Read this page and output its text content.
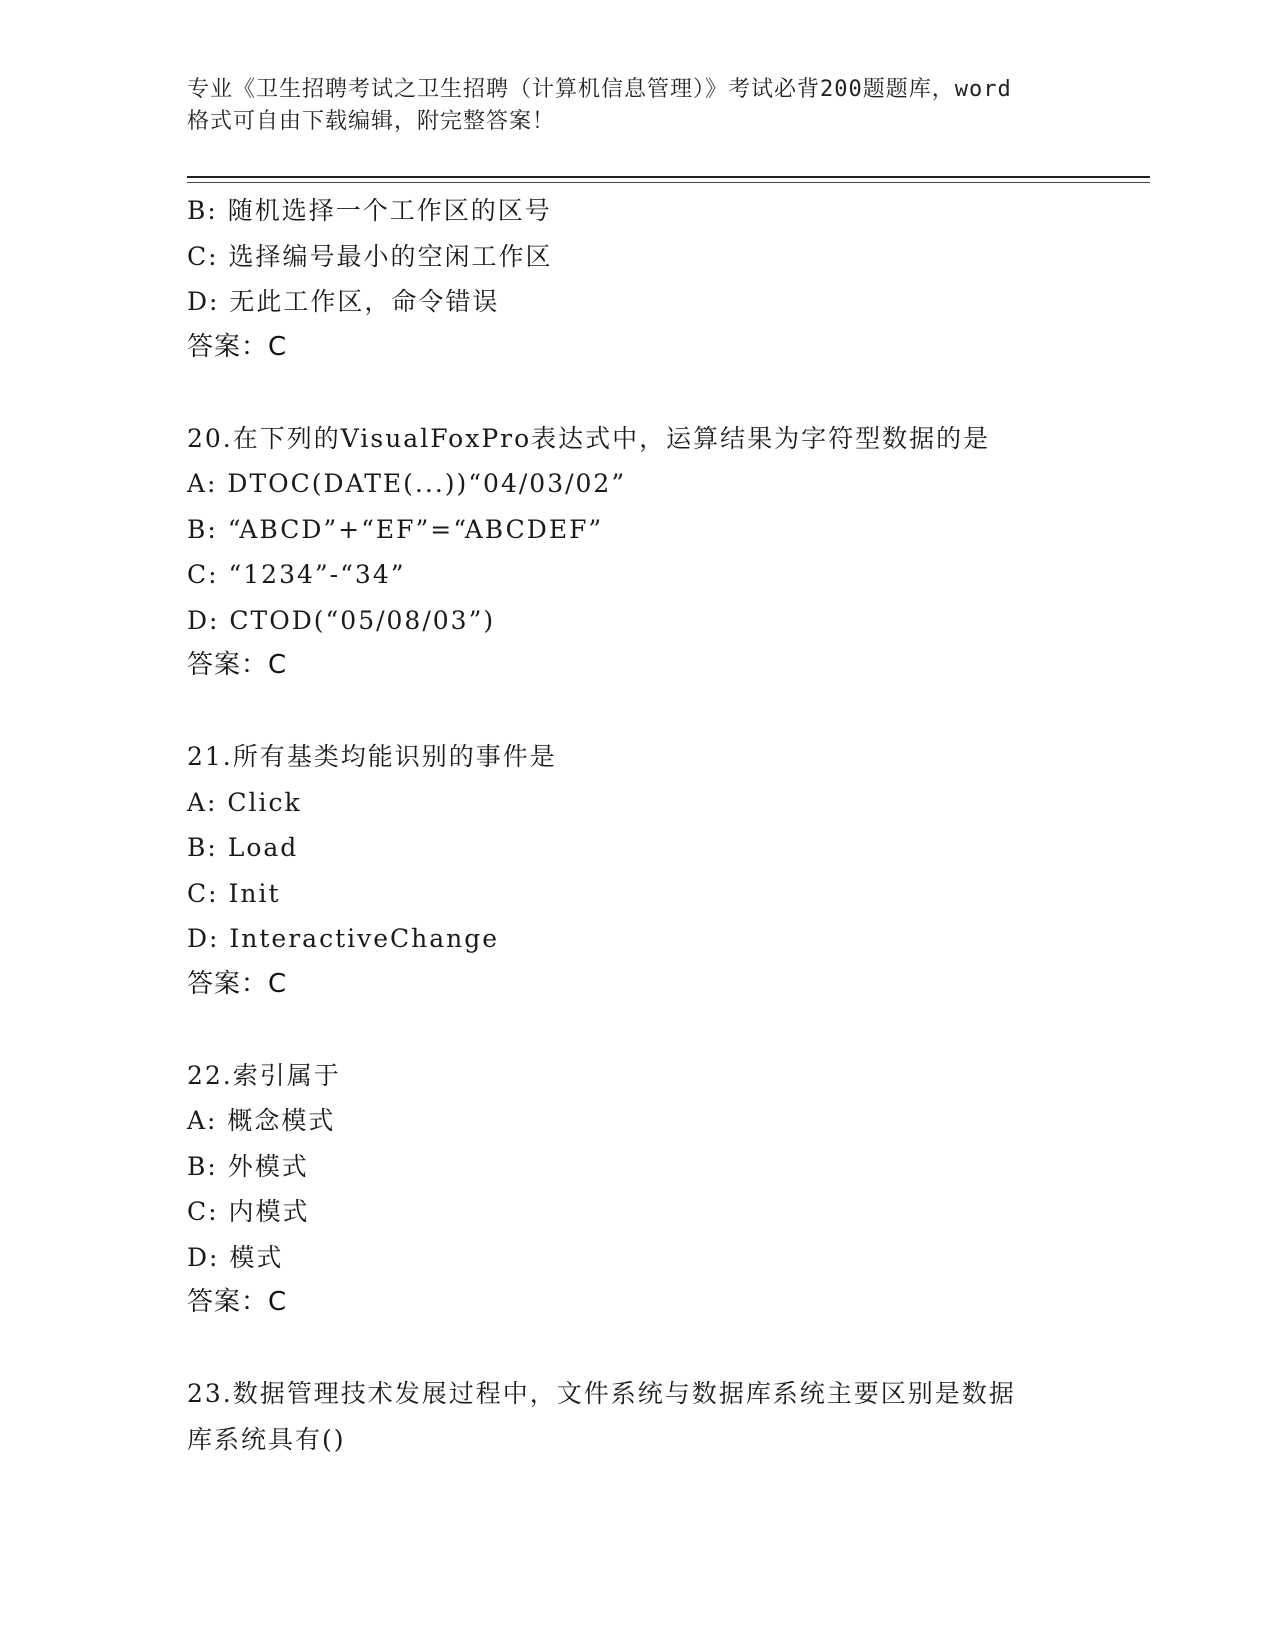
专业《卫生招聘考试之卫生招聘（计算机信息管理）》考试必背200题题库，word
格式可自由下载编辑，附完整答案！
B: 随机选择一个工作区的区号
C: 选择编号最小的空闲工作区
D: 无此工作区，命令错误
答案：C
20.在下列的VisualFoxPro表达式中，运算结果为字符型数据的是
A: DTOC(DATE(...))“04/03/02”
B: “ABCD”+“EF”=“ABCDEF”
C: “1234”-“34”
D: CTOD(“05/08/03”)
答案：C
21.所有基类均能识别的事件是
A: Click
B: Load
C: Init
D: InteractiveChange
答案：C
22.索引属于
A: 概念模式
B: 外模式
C: 内模式
D: 模式
答案：C
23.数据管理技术发展过程中，文件系统与数据库系统主要区别是数据
库系统具有()
